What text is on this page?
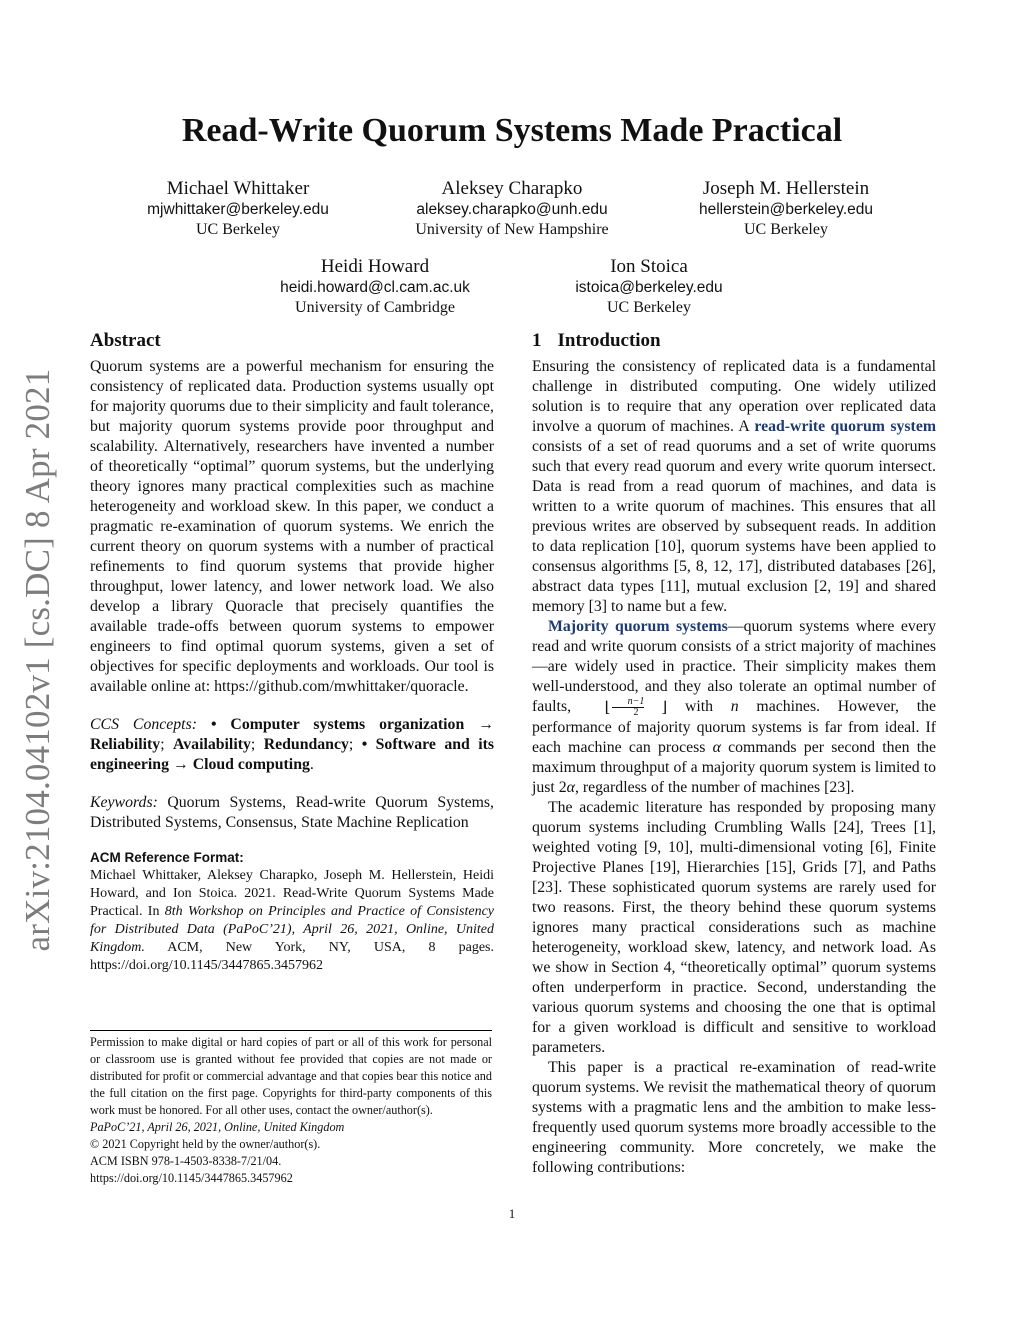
arXiv:2104.04102v1 [cs.DC] 8 Apr 2021
Read-Write Quorum Systems Made Practical
Michael Whittaker
mjwhittaker@berkeley.edu
UC Berkeley
Aleksey Charapko
aleksey.charapko@unh.edu
University of New Hampshire
Joseph M. Hellerstein
hellerstein@berkeley.edu
UC Berkeley
Heidi Howard
heidi.howard@cl.cam.ac.uk
University of Cambridge
Ion Stoica
istoica@berkeley.edu
UC Berkeley
Abstract

Quorum systems are a powerful mechanism for ensuring the consistency of replicated data. Production systems usually opt for majority quorums due to their simplicity and fault tolerance, but majority quorum systems provide poor throughput and scalability. Alternatively, researchers have invented a number of theoretically “optimal” quorum systems, but the underlying theory ignores many practical complexities such as machine heterogeneity and workload skew. In this paper, we conduct a pragmatic re-examination of quorum systems. We enrich the current theory on quorum systems with a number of practical refinements to find quorum systems that provide higher throughput, lower latency, and lower network load. We also develop a library Quoracle that precisely quantifies the available trade-offs between quorum systems to empower engineers to find optimal quorum systems, given a set of objectives for specific deployments and workloads. Our tool is available online at: https://github.com/mwhittaker/quoracle.

CCS Concepts: • Computer systems organization → Reliability; Availability; Redundancy; • Software and its engineering → Cloud computing.

Keywords: Quorum Systems, Read-write Quorum Systems, Distributed Systems, Consensus, State Machine Replication

ACM Reference Format:
Michael Whittaker, Aleksey Charapko, Joseph M. Hellerstein, Heidi Howard, and Ion Stoica. 2021. Read-Write Quorum Systems Made Practical. In 8th Workshop on Principles and Practice of Consistency for Distributed Data (PaPoC’21), April 26, 2021, Online, United Kingdom. ACM, New York, NY, USA, 8 pages. https://doi.org/10.1145/3447865.3457962
Permission to make digital or hard copies of part or all of this work for personal or classroom use is granted without fee provided that copies are not made or distributed for profit or commercial advantage and that copies bear this notice and the full citation on the first page. Copyrights for third-party components of this work must be honored. For all other uses, contact the owner/author(s).
PaPoC’21, April 26, 2021, Online, United Kingdom
© 2021 Copyright held by the owner/author(s).
ACM ISBN 978-1-4503-8338-7/21/04.
https://doi.org/10.1145/3447865.3457962
1 Introduction

Ensuring the consistency of replicated data is a fundamental challenge in distributed computing. One widely utilized solution is to require that any operation over replicated data involve a quorum of machines. A read-write quorum system consists of a set of read quorums and a set of write quorums such that every read quorum and every write quorum intersect. Data is read from a read quorum of machines, and data is written to a write quorum of machines. This ensures that all previous writes are observed by subsequent reads. In addition to data replication [10], quorum systems have been applied to consensus algorithms [5, 8, 12, 17], distributed databases [26], abstract data types [11], mutual exclusion [2, 19] and shared memory [3] to name but a few.

Majority quorum systems—quorum systems where every read and write quorum consists of a strict majority of machines—are widely used in practice. Their simplicity makes them well-understood, and they also tolerate an optimal number of faults, ⌊ $\frac{n-1}{2}$ ⌋ with n machines. However, the performance of majority quorum systems is far from ideal. If each machine can process α commands per second then the maximum throughput of a majority quorum system is limited to just 2α, regardless of the number of machines [23].

The academic literature has responded by proposing many quorum systems including Crumbling Walls [24], Trees [1], weighted voting [9, 10], multi-dimensional voting [6], Finite Projective Planes [19], Hierarchies [15], Grids [7], and Paths [23]. These sophisticated quorum systems are rarely used for two reasons. First, the theory behind these quorum systems ignores many practical considerations such as machine heterogeneity, workload skew, latency, and network load. As we show in Section 4, “theoretically optimal” quorum systems often underperform in practice. Second, understanding the various quorum systems and choosing the one that is optimal for a given workload is difficult and sensitive to workload parameters.

This paper is a practical re-examination of read-write quorum systems. We revisit the mathematical theory of quorum systems with a pragmatic lens and the ambition to make less-frequently used quorum systems more broadly accessible to the engineering community. More concretely, we make the following contributions:

1
